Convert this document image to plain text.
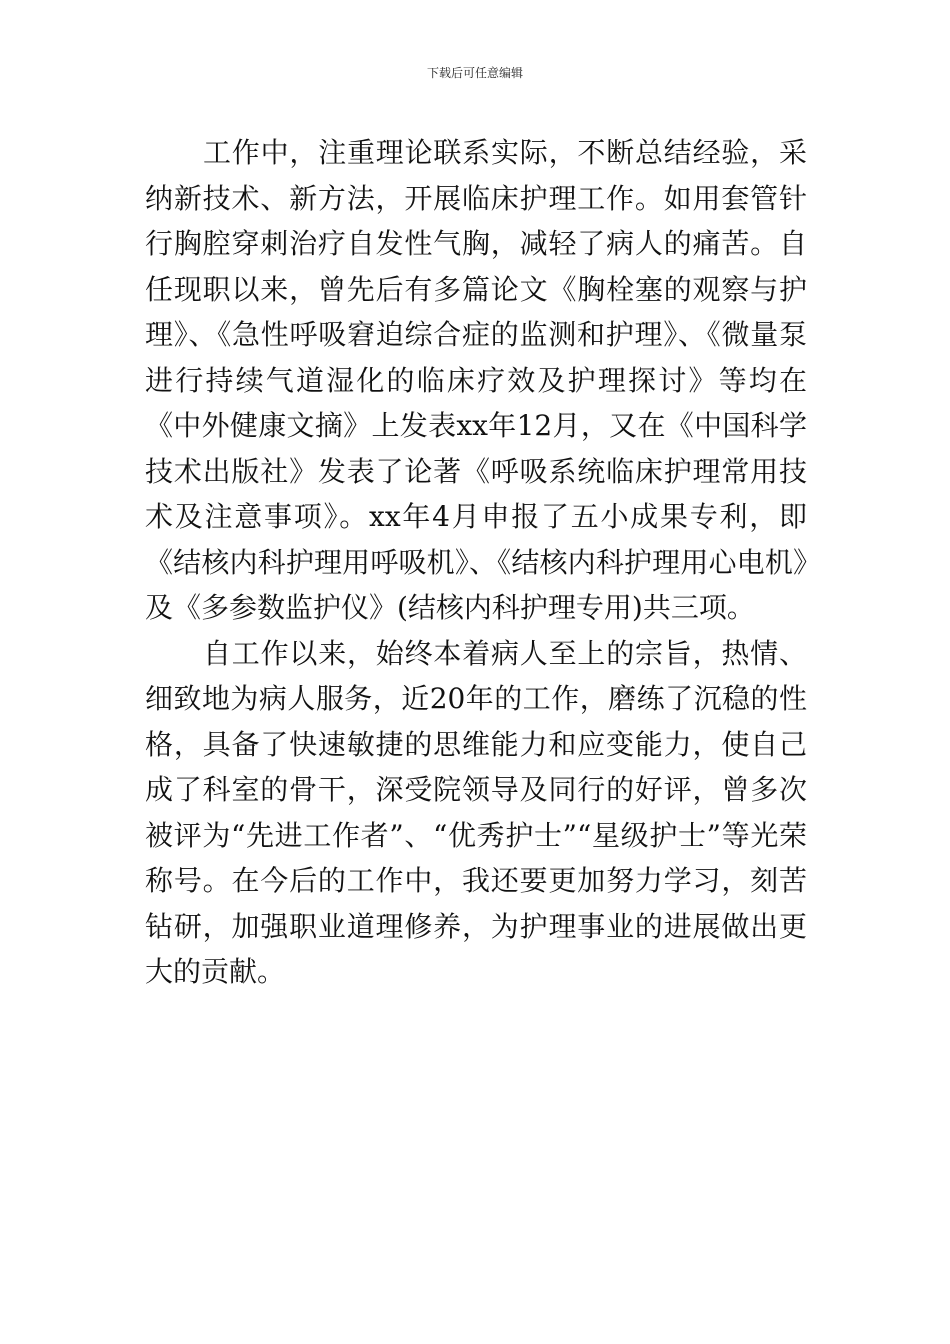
下载后可任意编辑

工作中，注重理论联系实际，不断总结经验，采纳新技术、新方法，开展临床护理工作。如用套管针行胸腔穿刺治疗自发性气胸，减轻了病人的痛苦。自任现职以来，曾先后有多篇论文《胸栓塞的观察与护理》、《急性呼吸窘迫综合症的监测和护理》、《微量泵进行持续气道湿化的临床疗效及护理探讨》等均在《中外健康文摘》上发表xx年12月，又在《中国科学技术出版社》发表了论著《呼吸系统临床护理常用技术及注意事项》。xx年4月申报了五小成果专利，即《结核内科护理用呼吸机》、《结核内科护理用心电机》及《多参数监护仪》(结核内科护理专用)共三项。

自工作以来，始终本着病人至上的宗旨，热情、细致地为病人服务，近20年的工作，磨练了沉稳的性格，具备了快速敏捷的思维能力和应变能力，使自己成了科室的骨干，深受院领导及同行的好评，曾多次被评为“先进工作者”、“优秀护士”“星级护士”等光荣称号。在今后的工作中，我还要更加努力学习，刻苦钻研，加强职业道理修养，为护理事业的进展做出更大的贡献。
